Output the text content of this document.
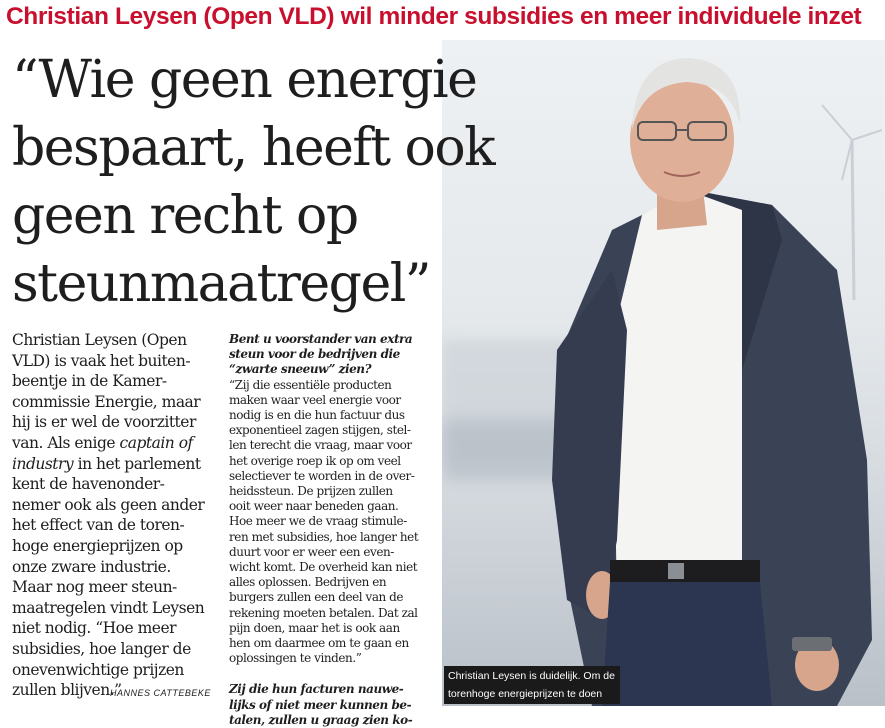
Christian Leysen (Open VLD) wil minder subsidies en meer individuele inzet
“Wie geen energie
bespaart, heeft ook
geen recht op
steunmaatregel”
Christian Leysen (Open
VLD) is vaak het buiten-
beentje in de Kamer-
commissie Energie, maar
hij is er wel de voorzitter
van. Als enige captain of
industry in het parlement
kent de havenonder-
nemer ook als geen ander
het effect van de toren-
hoge energieprijzen op
onze zware industrie.
Maar nog meer steun-
maatregelen vindt Leysen
niet nodig. “Hoe meer
subsidies, hoe langer de
onevenwichtige prijzen
zullen blijven.”
HANNES CATTEBEKE
Bent u voorstander van extra
steun voor de bedrijven die
“zwarte sneeuw” zien?
“Zij die essentiële producten
maken waar veel energie voor
nodig is en die hun factuur dus
exponentieel zagen stijgen, stel-
len terecht die vraag, maar voor
het overige roep ik op om veel
selectiever te worden in de over-
heidssteun. De prijzen zullen
ooit weer naar beneden gaan.
Hoe meer we de vraag stimule-
ren met subsidies, hoe langer het
duurt voor er weer een even-
wicht komt. De overheid kan niet
alles oplossen. Bedrijven en
burgers zullen een deel van de
rekening moeten betalen. Dat zal
pijn doen, maar het is ook aan
hen om daarmee om te gaan en
oplossingen te vinden.”
Zij die hun facturen nauwe-
lijks of niet meer kunnen be-
talen, zullen u graag zien ko-
Christian Leysen is duidelijk. Om de
torenhoge energieprijzen te doen
